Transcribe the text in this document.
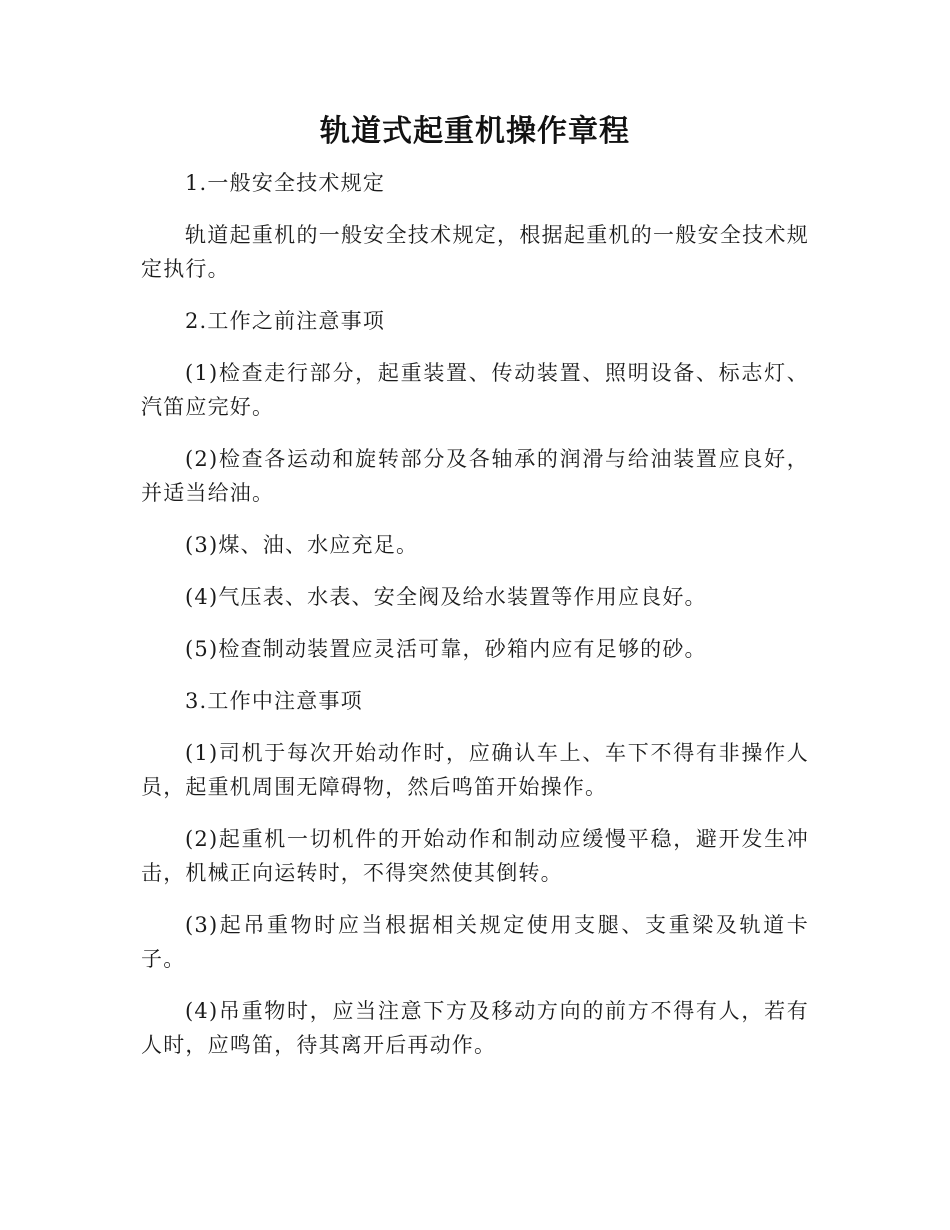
轨道式起重机操作章程

1.一般安全技术规定

轨道起重机的一般安全技术规定，根据起重机的一般安全技术规定执行。

2.工作之前注意事项

(1)检查走行部分，起重装置、传动装置、照明设备、标志灯、汽笛应完好。

(2)检查各运动和旋转部分及各轴承的润滑与给油装置应良好，并适当给油。

(3)煤、油、水应充足。

(4)气压表、水表、安全阀及给水装置等作用应良好。

(5)检查制动装置应灵活可靠，砂箱内应有足够的砂。

3.工作中注意事项

(1)司机于每次开始动作时，应确认车上、车下不得有非操作人员，起重机周围无障碍物，然后鸣笛开始操作。

(2)起重机一切机件的开始动作和制动应缓慢平稳，避开发生冲击，机械正向运转时，不得突然使其倒转。

(3)起吊重物时应当根据相关规定使用支腿、支重梁及轨道卡子。

(4)吊重物时，应当注意下方及移动方向的前方不得有人，若有人时，应鸣笛，待其离开后再动作。
